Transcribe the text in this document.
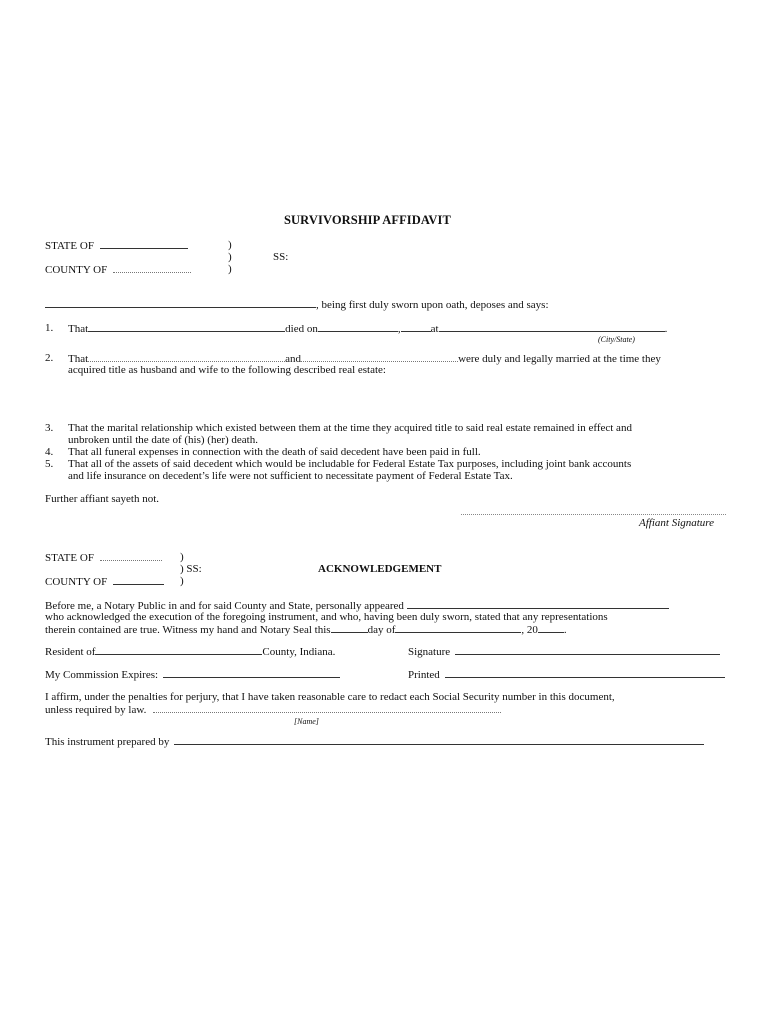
SURVIVORSHIP AFFIDAVIT
STATE OF	)
)	SS:
COUNTY OF	)
, being first duly sworn upon oath, deposes and says:
1. That	died on	,	at	.
(City/State)
2. That	and	were duly and legally married at the time they
acquired title as husband and wife to the following described real estate:
3. That the marital relationship which existed between them at the time they acquired title to said real estate remained in effect and
unbroken until the date of (his) (her) death.
4. That all funeral expenses in connection with the death of said decedent have been paid in full.
5. That all of the assets of said decedent which would be includable for Federal Estate Tax purposes, including joint bank accounts
and life insurance on decedent’s life were not sufficient to necessitate payment of Federal Estate Tax.
Further affiant sayeth not.
Affiant Signature
STATE OF	)
) SS:	ACKNOWLEDGEMENT
COUNTY OF	)
Before me, a Notary Public in and for said County and State, personally appeared
who acknowledged the execution of the foregoing instrument, and who, having been duly sworn, stated that any representations
therein contained are true. Witness my hand and Notary Seal this	day of	, 20 .
Resident of	County, Indiana.	Signature
My Commission Expires:	Printed
I affirm, under the penalties for perjury, that I have taken reasonable care to redact each Social Security number in this document,
unless required by law.
[Name]
This instrument prepared by
